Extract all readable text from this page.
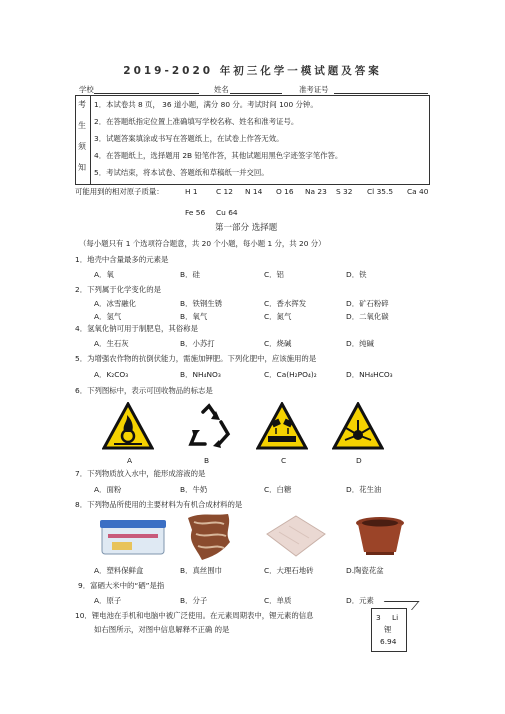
2019-2020 年初三化学一模试题及答案
学校	姓名	准考证号
考
生
须
知
1．本试卷共 8 页， 36 道小题，满分 80 分。考试时间 100 分钟。
2．在答题纸指定位置上准确填写学校名称、姓名和准考证号。
3．试题答案填涂或书写在答题纸上，在试卷上作答无效。
4．在答题纸上，选择题用 2B 铅笔作答，其他试题用黑色字迹签字笔作答。
5．考试结束，将本试卷、答题纸和草稿纸一并交回。
可能用到的相对原子质量：	H 1 C 12 N 14 O 16 Na 23 S 32 Cl 35.5 Ca 40
Fe 56 Cu 64
第一部分 选择题
（每小题只有 1 个选项符合题意，共 20 个小题，每小题 1 分，共 20 分）
1．地壳中含量最多的元素是
A．氧	B．硅	C．铝	D．铁
2．下列属于化学变化的是
A．冰雪融化	B．铁钢生锈	C．香水挥发	D．矿石粉碎
A．氢气	B．氧气	C．氮气	D．二氧化碳
4．氢氧化钠可用于制肥皂，其俗称是
A．生石灰	B．小苏打	C．烧碱	D．纯碱
5．为增强农作物的抗倒伏能力，需施加钾肥。下列化肥中，应该施用的是
A．K₂CO₃	B．NH₄NO₃	C．Ca(H₂PO₄)₂	D．NH₄HCO₃
6．下列图标中，表示可回收物品的标志是
A	B	C	D
7．下列物质放入水中，能形成溶液的是
A．面粉	B．牛奶	C．白糖	D．花生油
8．下列物品所使用的主要材料为有机合成材料的是
A．塑料保鲜盒	B．真丝围巾	C．大理石地砖	D.陶瓷花盆
9．富硒大米中的“硒”是指
A．原子	B．分子	C．单质	D．元素
10．锂电池在手机和电脑中被广泛使用。在元素周期表中，锂元素的信息
如右图所示，对图中信息解释不正确 的是
3 Li
锂
6.94
